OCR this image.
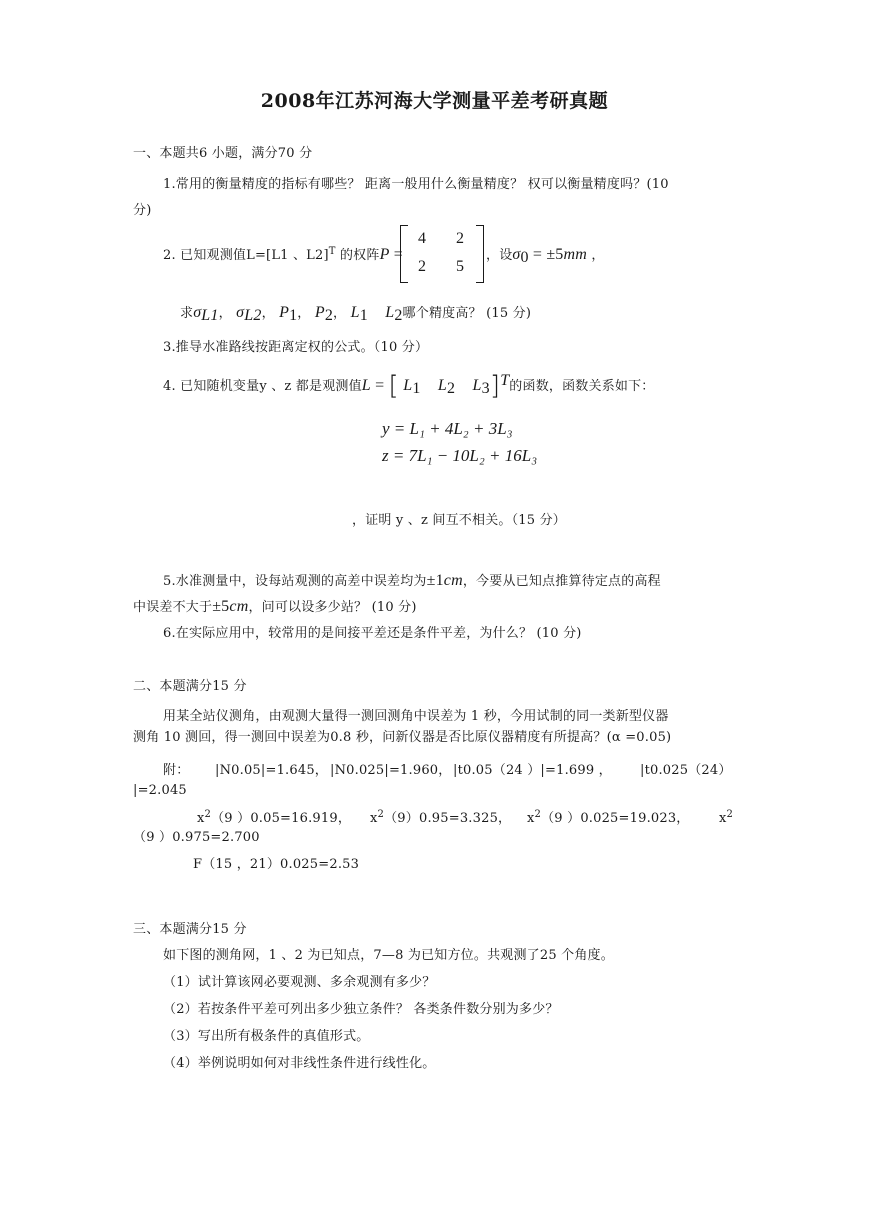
2008年江苏河海大学测量平差考研真题
一、本题共6 小题，满分70 分
1.常用的衡量精度的指标有哪些？ 距离一般用什么衡量精度？ 权可以衡量精度吗？(10
分)
2. 已知观测值L=[L1 、L2]$^T$ 的权阵P =
4 2
2 5
，设$\sigma_0 = \pm 5mm$ ，
求$\sigma_{L1}$， $\sigma_{L2}$， $P_1$， $P_2$， $L_1$ $L_2$哪个精度高？ (15 分)
3.推导水准路线按距离定权的公式。（10 分）
4. 已知随机变量y 、z 都是观测值L = [ $L_1$ $L_2$ $L_3]^T$的函数，函数关系如下：
y = L₁ + 4L₂ + 3L₃
z = 7L₁ − 10L₂ + 16L₃
，证明 y 、z 间互不相关。（15 分）
5.水准测量中，设每站观测的高差中误差均为±1cm，今要从已知点推算待定点的高程
中误差不大于±5cm，问可以设多少站？ (10 分)
6.在实际应用中，较常用的是间接平差还是条件平差，为什么？ (10 分)
二、本题满分15 分
用某全站仪测角，由观测大量得一测回测角中误差为 1 秒，今用试制的同一类新型仪器
测角 10 测回，得一测回中误差为0.8 秒，问新仪器是否比原仪器精度有所提高？(α =0.05)
附： |N0.05|=1.645， |N0.025|=1.960， |t0.05（24 ）|=1.699 ， |t0.025（24）
|=2.045
$x^2(9$ ）0.05=16.919， $x^2(9)0.95=3.325$， $x^2(9$ ）0.025=19.023， $x^2$
（9 ）0.975=2.700
F（15 ，21）0.025=2.53
三、本题满分15 分
如下图的测角网，1 、2 为已知点，7—8 为已知方位。共观测了25 个角度。
（1）试计算该网必要观测、多余观测有多少？
（2）若按条件平差可列出多少独立条件？ 各类条件数分别为多少？
（3）写出所有极条件的真值形式。
（4）举例说明如何对非线性条件进行线性化。
